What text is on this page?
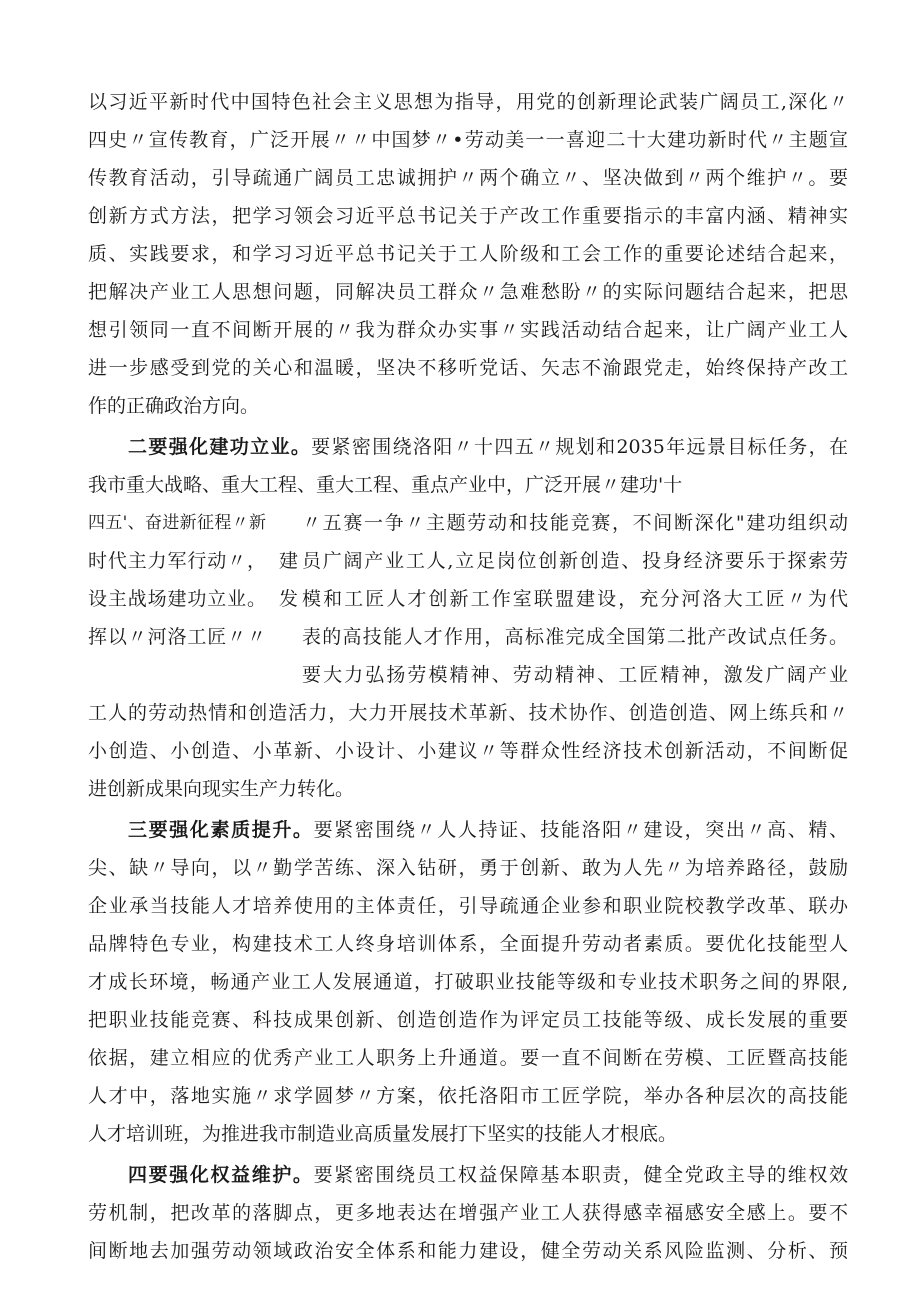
以习近平新时代中国特色社会主义思想为指导，用党的创新理论武装广阔员工,深化〃
四史〃宣传教育，广泛开展〃〃中国梦〃•劳动美一一喜迎二十大建功新时代〃主题宣
传教育活动，引导疏通广阔员工忠诚拥护〃两个确立〃、坚决做到〃两个维护〃。要
创新方式方法，把学习领会习近平总书记关于产改工作重要指示的丰富内涵、精神实
质、实践要求，和学习习近平总书记关于工人阶级和工会工作的重要论述结合起来，
把解决产业工人思想问题，同解决员工群众〃急难愁盼〃的实际问题结合起来，把思
想引领同一直不间断开展的〃我为群众办实事〃实践活动结合起来，让广阔产业工人
进一步感受到党的关心和温暖，坚决不移听党话、矢志不渝跟党走，始终保持产改工
作的正确政治方向。
二要强化建功立业。要紧密围绕洛阳〃十四五〃规划和2035年远景目标任务，在
我市重大战略、重大工程、重大工程、重点产业中，广泛开展〃建功'十
四五'、奋进新征程〃新
时代主力军行动〃，
设主战场建功立业。
挥以〃河洛工匠〃〃
建
发
〃五赛一争〃主题劳动和技能竞赛，不间断深化"建功组织动
员广阔产业工人,立足岗位创新创造、投身经济要乐于探索劳
模和工匠人才创新工作室联盟建设，充分河洛大工匠〃为代
表的高技能人才作用，高标准完成全国第二批产改试点任务。
要大力弘扬劳模精神、劳动精神、工匠精神，激发广阔产业
工人的劳动热情和创造活力，大力开展技术革新、技术协作、创造创造、网上练兵和〃
小创造、小创造、小革新、小设计、小建议〃等群众性经济技术创新活动，不间断促
进创新成果向现实生产力转化。
三要强化素质提升。要紧密围绕〃人人持证、技能洛阳〃建设，突出〃高、精、
尖、缺〃导向，以〃勤学苦练、深入钻研，勇于创新、敢为人先〃为培养路径，鼓励
企业承当技能人才培养使用的主体责任，引导疏通企业参和职业院校教学改革、联办
品牌特色专业，构建技术工人终身培训体系，全面提升劳动者素质。要优化技能型人
才成长环境，畅通产业工人发展通道，打破职业技能等级和专业技术职务之间的界限,
把职业技能竞赛、科技成果创新、创造创造作为评定员工技能等级、成长发展的重要
依据，建立相应的优秀产业工人职务上升通道。要一直不间断在劳模、工匠暨高技能
人才中，落地实施〃求学圆梦〃方案，依托洛阳市工匠学院，举办各种层次的高技能
人才培训班，为推进我市制造业高质量发展打下坚实的技能人才根底。
四要强化权益维护。要紧密围绕员工权益保障基本职责，健全党政主导的维权效
劳机制，把改革的落脚点，更多地表达在增强产业工人获得感幸福感安全感上。要不
间断地去加强劳动领域政治安全体系和能力建设，健全劳动关系风险监测、分析、预
